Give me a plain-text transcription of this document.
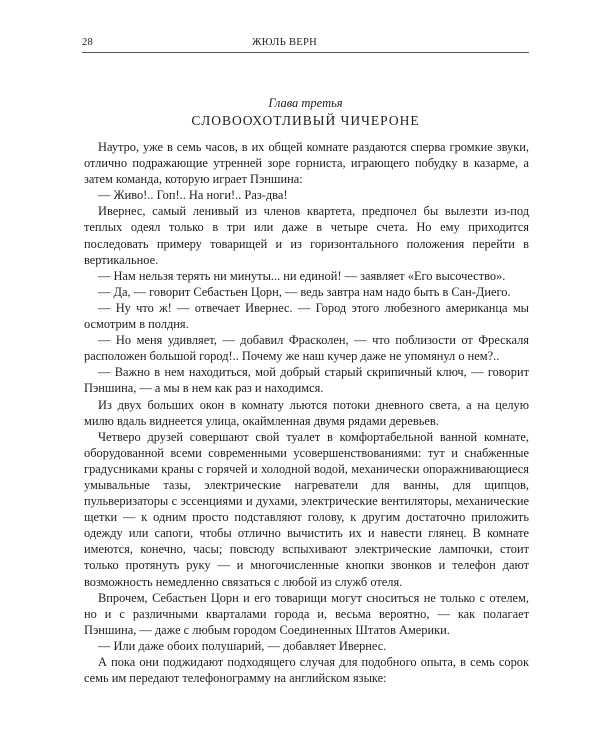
28	ЖЮЛЬ ВЕРН
Глава третья
СЛОВООХОТЛИВЫЙ ЧИЧЕРОНЕ

Наутро, уже в семь часов, в их общей комнате раздаются сперва громкие звуки, отлично подражающие утренней зоре горниста, играющего побудку в казарме, а затем команда, которую играет Пэншина:

— Живо!.. Гоп!.. На ноги!.. Раз-два!

Ивернес, самый ленивый из членов квартета, предпочел бы вылезти из-под теплых одеял только в три или даже в четыре счета. Но ему приходится последовать примеру товарищей и из горизонтального положения перейти в вертикальное.

— Нам нельзя терять ни минуты... ни единой! — заявляет «Его высочество».

— Да, — говорит Себастьен Цорн, — ведь завтра нам надо быть в Сан-Диего.

— Ну что ж! — отвечает Ивернес. — Город этого любезного американца мы осмотрим в полдня.

— Но меня удивляет, — добавил Фрасколен, — что поблизости от Фрескаля расположен большой город!.. Почему же наш кучер даже не упомянул о нем?..

— Важно в нем находиться, мой добрый старый скрипичный ключ, — говорит Пэншина, — а мы в нем как раз и находимся.

Из двух больших окон в комнату льются потоки дневного света, а на целую милю вдаль виднеется улица, окаймленная двумя рядами деревьев.

Четверо друзей совершают свой туалет в комфортабельной ванной комнате, оборудованной всеми современными усовершенствованиями: тут и снабженные градусниками краны с горячей и холодной водой, механически опоражнивающиеся умывальные тазы, электрические нагреватели для ванны, для щипцов, пульверизаторы с эссенциями и духами, электрические вентиляторы, механические щетки — к одним просто подставляют голову, к другим достаточно приложить одежду или сапоги, чтобы отлично вычистить их и навести глянец. В комнате имеются, конечно, часы; повсюду вспыхивают электрические лампочки, стоит только протянуть руку — и многочисленные кнопки звонков и телефон дают возможность немедленно связаться с любой из служб отеля.

Впрочем, Себастьен Цорн и его товарищи могут сноситься не только с отелем, но и с различными кварталами города и, весьма вероятно, — как полагает Пэншина, — даже с любым городом Соединенных Штатов Америки.

— Или даже обоих полушарий, — добавляет Ивернес.

А пока они поджидают подходящего случая для подобного опыта, в семь сорок семь им передают телефонограмму на английском языке:
